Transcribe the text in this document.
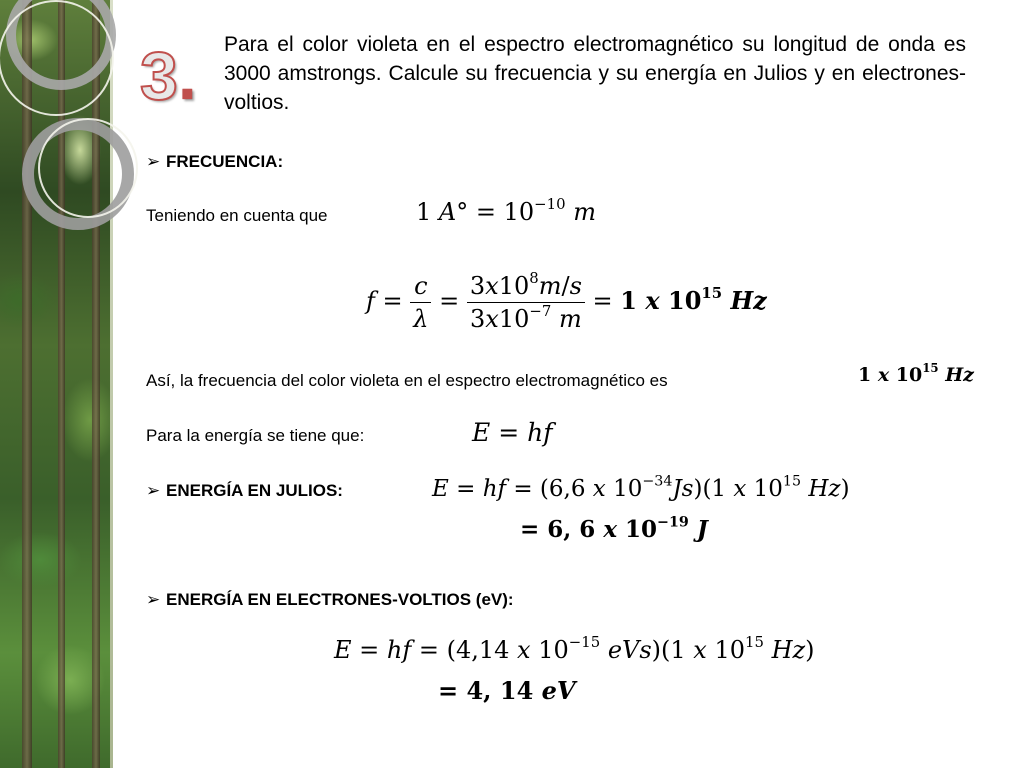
3. Para el color violeta en el espectro electromagnético su longitud de onda es 3000 amstrongs. Calcule su frecuencia y su energía en Julios y en electrones-voltios.
➢ FRECUENCIA:
Teniendo en cuenta que	1 $A^\circ = 10^{-10}$ m
$f = \frac{c}{\lambda} = \frac{3x10^8m/s}{3x10^{-7} m} = 1$ x $10^{15}$ Hz
Así, la frecuencia del color violeta en el espectro electromagnético es	1 x $10^{15}$ Hz
Para la energía se tiene que:	E = hf
➢ ENERGÍA EN JULIOS:	E = hf = (6,6 x $10^{-34}Js)(1$ x $10^{15}$ Hz)
= 6, 6 x $10^{-19}$ J
➢ ENERGÍA EN ELECTRONES-VOLTIOS (eV):
E = hf = (4,14 x $10^{-15}$ eVs)(1 x $10^{15}$ Hz)
= 4, 14 eV
